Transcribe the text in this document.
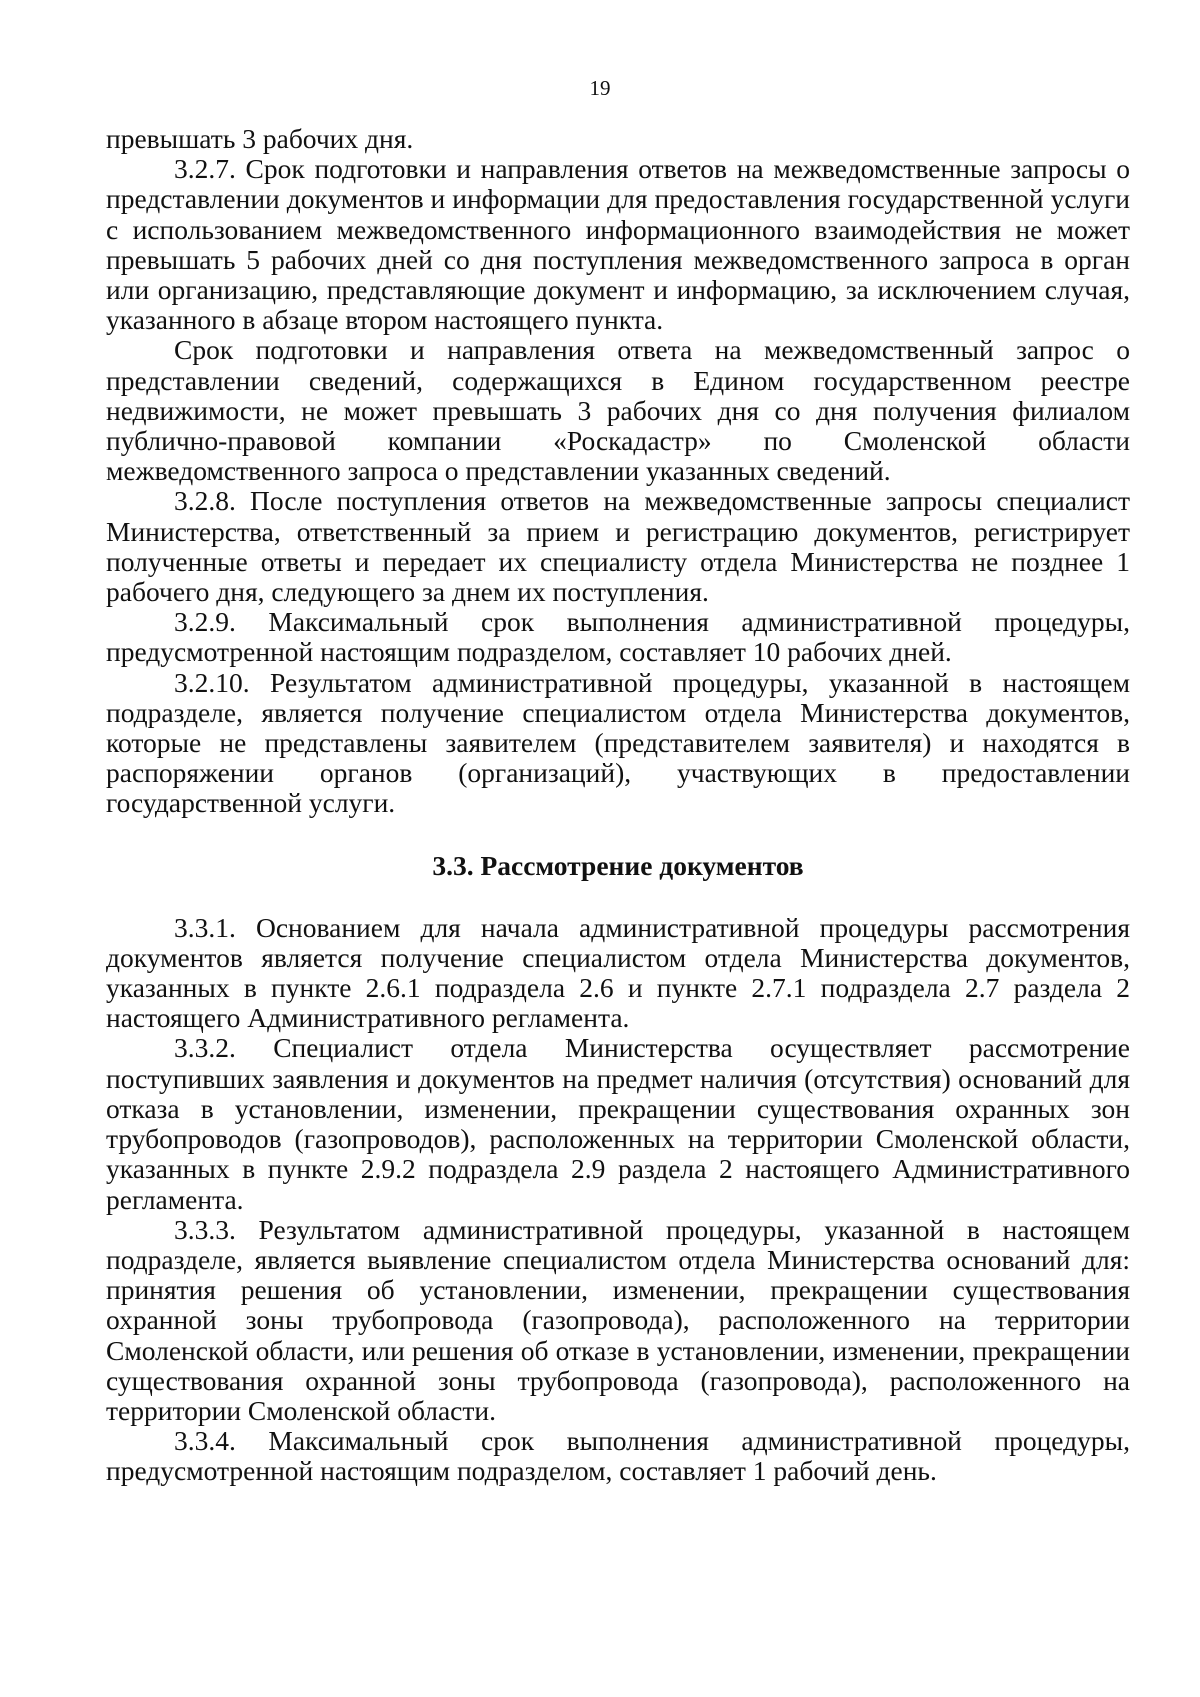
19

превышать 3 рабочих дня.

3.2.7. Срок подготовки и направления ответов на межведомственные запросы о представлении документов и информации для предоставления государственной услуги с использованием межведомственного информационного взаимодействия не может превышать 5 рабочих дней со дня поступления межведомственного запроса в орган или организацию, представляющие документ и информацию, за исключением случая, указанного в абзаце втором настоящего пункта.

Срок подготовки и направления ответа на межведомственный запрос о представлении сведений, содержащихся в Едином государственном реестре недвижимости, не может превышать 3 рабочих дня со дня получения филиалом публично-правовой компании «Роскадастр» по Смоленской области межведомственного запроса о представлении указанных сведений.

3.2.8. После поступления ответов на межведомственные запросы специалист Министерства, ответственный за прием и регистрацию документов, регистрирует полученные ответы и передает их специалисту отдела Министерства не позднее 1 рабочего дня, следующего за днем их поступления.

3.2.9. Максимальный срок выполнения административной процедуры, предусмотренной настоящим подразделом, составляет 10 рабочих дней.

3.2.10. Результатом административной процедуры, указанной в настоящем подразделе, является получение специалистом отдела Министерства документов, которые не представлены заявителем (представителем заявителя) и находятся в распоряжении органов (организаций), участвующих в предоставлении государственной услуги.

3.3. Рассмотрение документов

3.3.1. Основанием для начала административной процедуры рассмотрения документов является получение специалистом отдела Министерства документов, указанных в пункте 2.6.1 подраздела 2.6 и пункте 2.7.1 подраздела 2.7 раздела 2 настоящего Административного регламента.

3.3.2. Специалист отдела Министерства осуществляет рассмотрение поступивших заявления и документов на предмет наличия (отсутствия) оснований для отказа в установлении, изменении, прекращении существования охранных зон трубопроводов (газопроводов), расположенных на территории Смоленской области, указанных в пункте 2.9.2 подраздела 2.9 раздела 2 настоящего Административного регламента.

3.3.3. Результатом административной процедуры, указанной в настоящем подразделе, является выявление специалистом отдела Министерства оснований для: принятия решения об установлении, изменении, прекращении существования охранной зоны трубопровода (газопровода), расположенного на территории Смоленской области, или решения об отказе в установлении, изменении, прекращении существования охранной зоны трубопровода (газопровода), расположенного на территории Смоленской области.

3.3.4. Максимальный срок выполнения административной процедуры, предусмотренной настоящим подразделом, составляет 1 рабочий день.
